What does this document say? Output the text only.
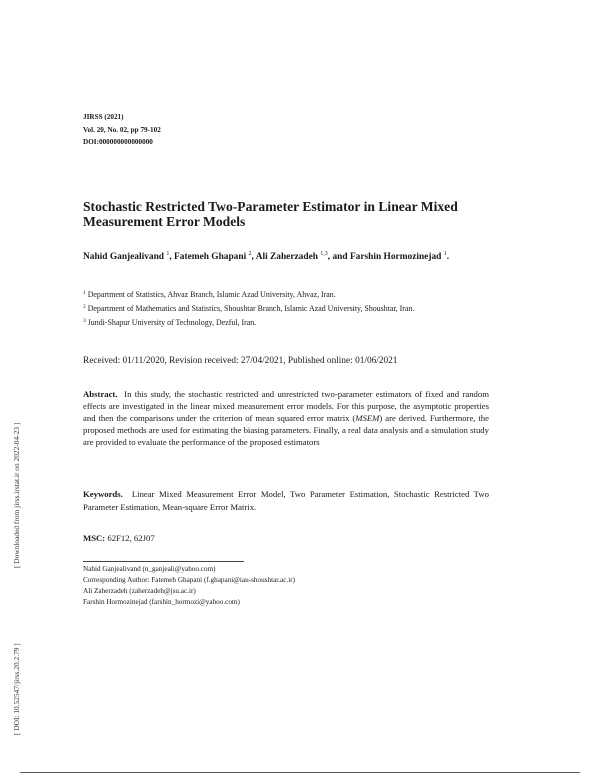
JIRSS (2021)
Vol. 20, No. 02, pp 79-102
DOI:000000000000000
Stochastic Restricted Two-Parameter Estimator in Linear Mixed Measurement Error Models
Nahid Ganjealivand $^1$, Fatemeh Ghapani $^2$, Ali Zaherzadeh $^{1,3}$, and Farshin Hormozinejad $^1$.
$^1$ Department of Statistics, Ahvaz Branch, Islamic Azad University, Ahvaz, Iran.
$^2$ Department of Mathematics and Statistics, Shoushtar Branch, Islamic Azad University, Shoushtar, Iran.
$^3$ Jundi-Shapur University of Technology, Dezful, Iran.
Received: 01/11/2020, Revision received: 27/04/2021, Published online: 01/06/2021
Abstract. In this study, the stochastic restricted and unrestricted two-parameter estimators of fixed and random effects are investigated in the linear mixed measurement error models. For this purpose, the asymptotic properties and then the comparisons under the criterion of mean squared error matrix (MSEM) are derived. Furthermore, the proposed methods are used for estimating the biasing parameters. Finally, a real data analysis and a simulation study are provided to evaluate the performance of the proposed estimators
Keywords. Linear Mixed Measurement Error Model, Two Parameter Estimation, Stochastic Restricted Two Parameter Estimation, Mean-square Error Matrix.
MSC: 62F12, 62J07
Nahid Ganjealivand (n_ganjeali@yahoo.com)
Corresponding Author: Fatemeh Ghapani (f.ghapani@iau-shoushtar.ac.ir)
Ali Zaherzadeh (zaherzadeh@jsu.ac.ir)
Farshin Hormozinejad (farshin_hormozi@yahoo.com)
[ Downloaded from jirss.irstat.ir on 2022-04-23 ]
[ DOI: 10.52547/jirss.20.2.79 ]
